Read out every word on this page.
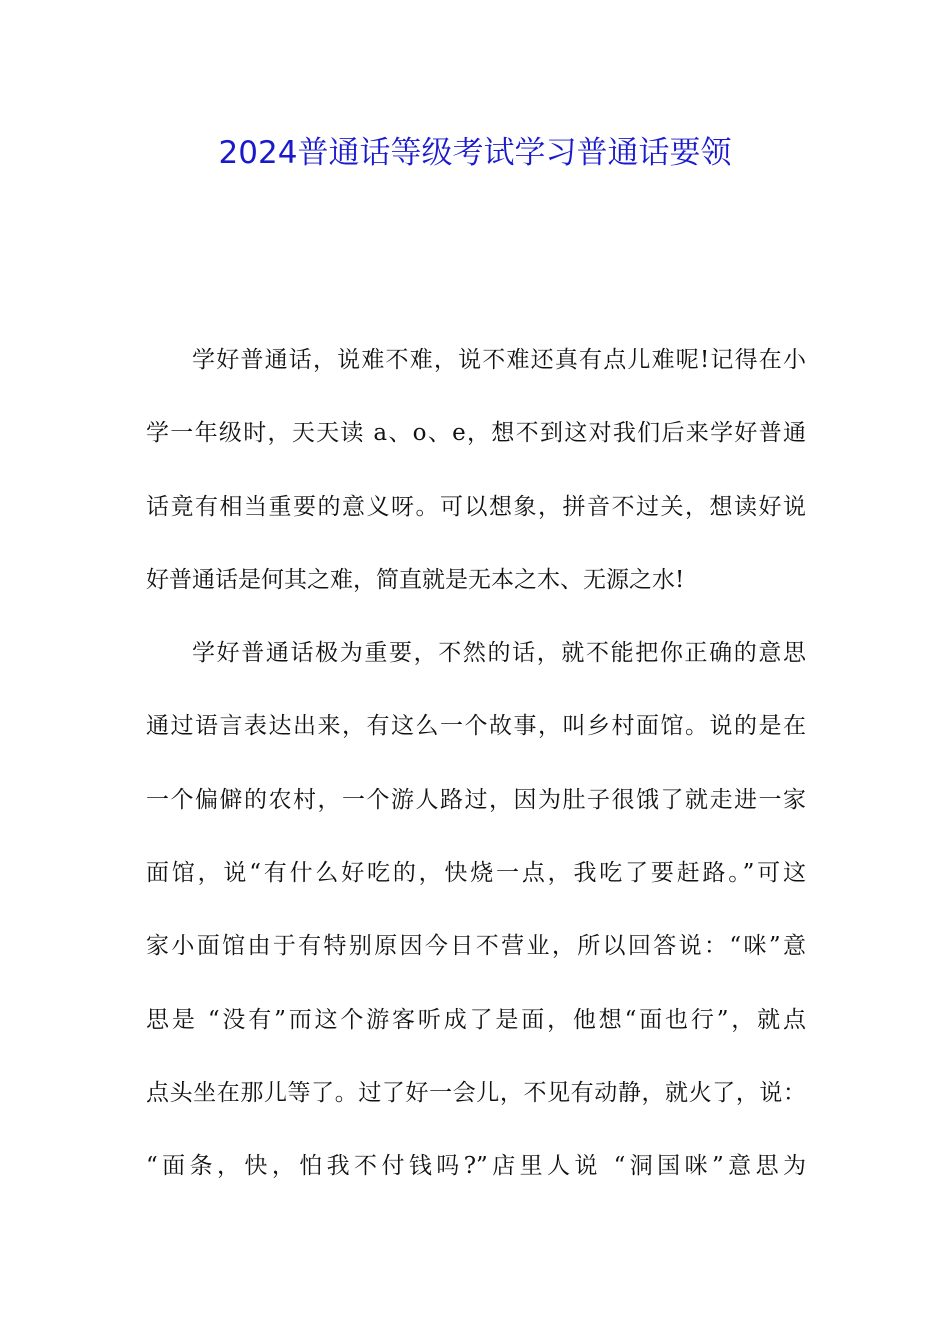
2024普通话等级考试学习普通话要领
学好普通话，说难不难，说不难还真有点儿难呢!记得在小
学一年级时，天天读 a、o、e，想不到这对我们后来学好普通
话竟有相当重要的意义呀。可以想象，拼音不过关，想读好说
好普通话是何其之难，简直就是无本之木、无源之水!
学好普通话极为重要，不然的话，就不能把你正确的意思
通过语言表达出来，有这么一个故事，叫乡村面馆。说的是在
一个偏僻的农村，一个游人路过，因为肚子很饿了就走进一家
面馆，说“有什么好吃的，快烧一点，我吃了要赶路。”可这
家小面馆由于有特别原因今日不营业，所以回答说：“咪”意
思是 “没有”而这个游客听成了是面，他想“面也行”，就点
点头坐在那儿等了。过了好一会儿，不见有动静，就火了，说：
“面条，快，怕我不付钱吗?”店里人说 “洞国咪”意思为
